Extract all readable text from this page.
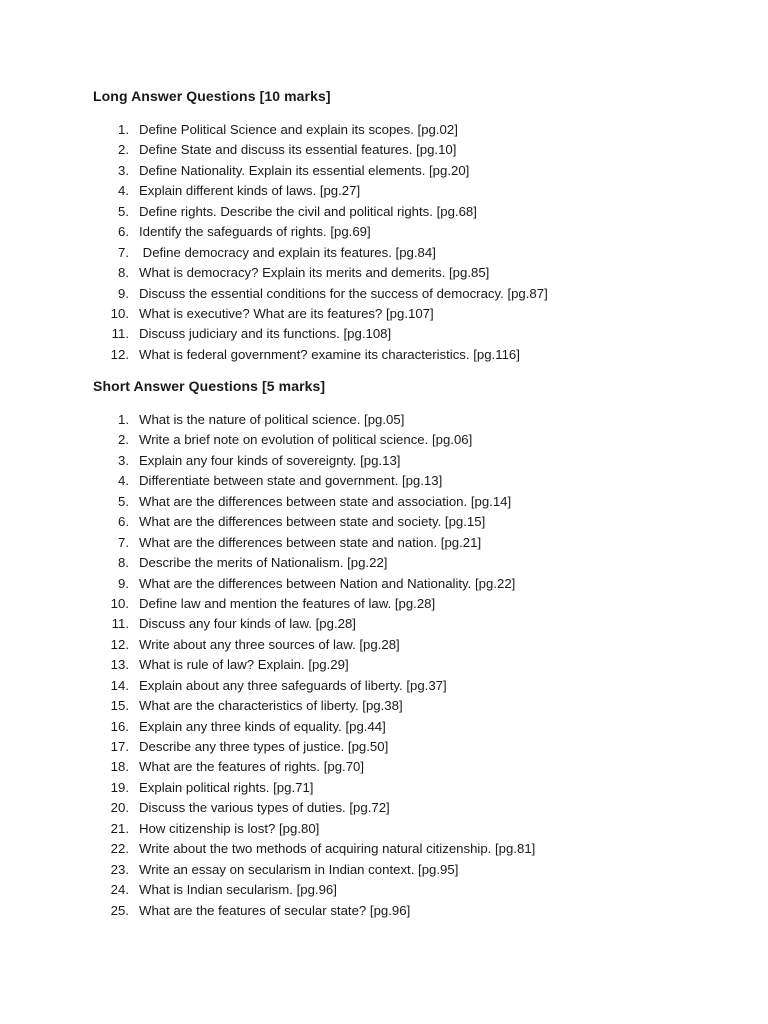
Long Answer Questions [10 marks]
1. Define Political Science and explain its scopes. [pg.02]
2. Define State and discuss its essential features. [pg.10]
3. Define Nationality. Explain its essential elements. [pg.20]
4. Explain different kinds of laws. [pg.27]
5. Define rights. Describe the civil and political rights. [pg.68]
6. Identify the safeguards of rights. [pg.69]
7. Define democracy and explain its features. [pg.84]
8. What is democracy? Explain its merits and demerits. [pg.85]
9. Discuss the essential conditions for the success of democracy. [pg.87]
10. What is executive? What are its features? [pg.107]
11. Discuss judiciary and its functions. [pg.108]
12. What is federal government? examine its characteristics. [pg.116]
Short Answer Questions [5 marks]
1. What is the nature of political science. [pg.05]
2. Write a brief note on evolution of political science. [pg.06]
3. Explain any four kinds of sovereignty. [pg.13]
4. Differentiate between state and government. [pg.13]
5. What are the differences between state and association. [pg.14]
6. What are the differences between state and society. [pg.15]
7. What are the differences between state and nation. [pg.21]
8. Describe the merits of Nationalism. [pg.22]
9. What are the differences between Nation and Nationality. [pg.22]
10. Define law and mention the features of law. [pg.28]
11. Discuss any four kinds of law. [pg.28]
12. Write about any three sources of law. [pg.28]
13. What is rule of law? Explain. [pg.29]
14. Explain about any three safeguards of liberty. [pg.37]
15. What are the characteristics of liberty. [pg.38]
16. Explain any three kinds of equality. [pg.44]
17. Describe any three types of justice. [pg.50]
18. What are the features of rights. [pg.70]
19. Explain political rights. [pg.71]
20. Discuss the various types of duties. [pg.72]
21. How citizenship is lost? [pg.80]
22. Write about the two methods of acquiring natural citizenship. [pg.81]
23. Write an essay on secularism in Indian context. [pg.95]
24. What is Indian secularism. [pg.96]
25. What are the features of secular state? [pg.96]
